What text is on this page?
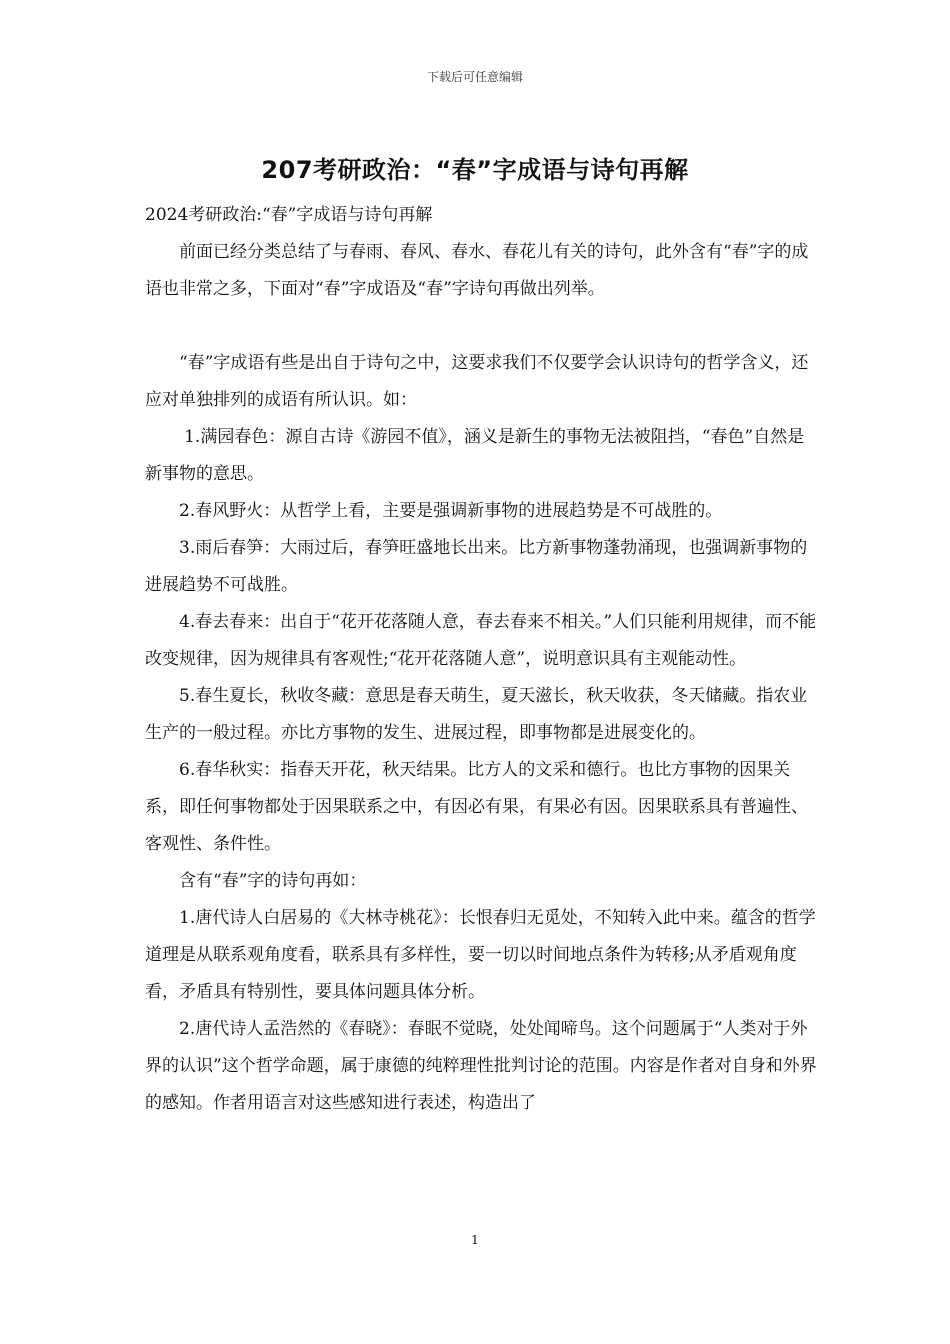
下载后可任意编辑
207考研政治：“春”字成语与诗句再解

2024考研政治:“春”字成语与诗句再解

前面已经分类总结了与春雨、春风、春水、春花儿有关的诗句，此外含有“春”字的成语也非常之多，下面对“春”字成语及“春”字诗句再做出列举。

“春”字成语有些是出自于诗句之中，这要求我们不仅要学会认识诗句的哲学含义，还应对单独排列的成语有所认识。如：

1.满园春色：源自古诗《游园不值》，涵义是新生的事物无法被阻挡，“春色”自然是新事物的意思。

2.春风野火：从哲学上看，主要是强调新事物的进展趋势是不可战胜的。

3.雨后春笋：大雨过后，春笋旺盛地长出来。比方新事物蓬勃涌现，也强调新事物的进展趋势不可战胜。

4.春去春来：出自于“花开花落随人意，春去春来不相关。”人们只能利用规律，而不能改变规律，因为规律具有客观性;“花开花落随人意”，说明意识具有主观能动性。

5.春生夏长，秋收冬藏：意思是春天萌生，夏天滋长，秋天收获，冬天储藏。指农业生产的一般过程。亦比方事物的发生、进展过程，即事物都是进展变化的。

6.春华秋实：指春天开花，秋天结果。比方人的文采和德行。也比方事物的因果关系，即任何事物都处于因果联系之中，有因必有果，有果必有因。因果联系具有普遍性、客观性、条件性。

含有“春”字的诗句再如：

1.唐代诗人白居易的《大林寺桃花》：长恨春归无觅处，不知转入此中来。蕴含的哲学道理是从联系观角度看，联系具有多样性，要一切以时间地点条件为转移;从矛盾观角度看，矛盾具有特别性，要具体问题具体分析。

2.唐代诗人孟浩然的《春晓》：春眠不觉晓，处处闻啼鸟。这个问题属于“人类对于外界的认识”这个哲学命题，属于康德的纯粹理性批判讨论的范围。内容是作者对自身和外界的感知。作者用语言对这些感知进行表述，构造出了

1
